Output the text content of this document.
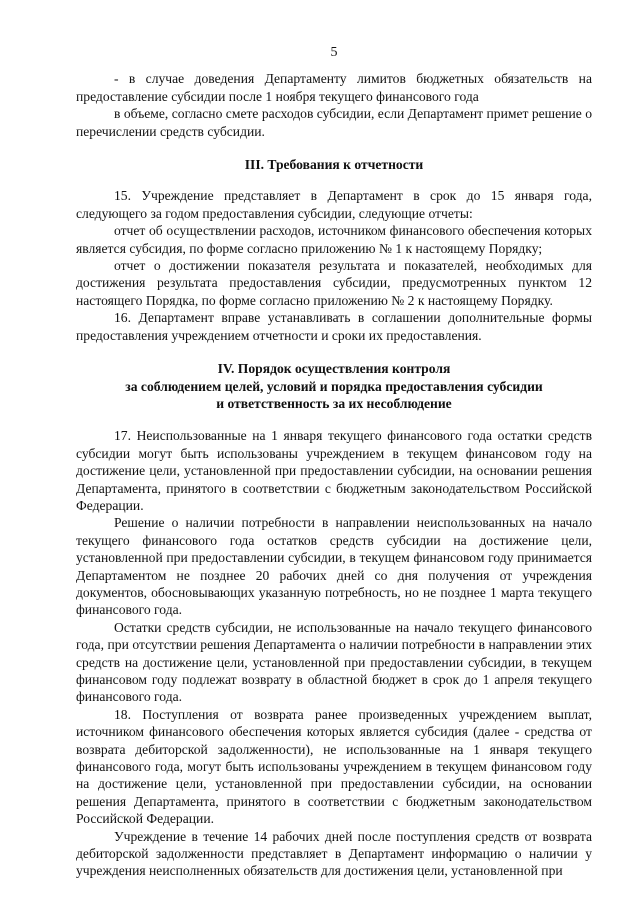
5

- в случае доведения Департаменту лимитов бюджетных обязательств на предоставление субсидии после 1 ноября текущего финансового года

в объеме, согласно смете расходов субсидии, если Департамент примет решение о перечислении средств субсидии.

III. Требования к отчетности

15. Учреждение представляет в Департамент в срок до 15 января года, следующего за годом предоставления субсидии, следующие отчеты:

отчет об осуществлении расходов, источником финансового обеспечения которых является субсидия, по форме согласно приложению № 1 к настоящему Порядку;

отчет о достижении показателя результата и показателей, необходимых для достижения результата предоставления субсидии, предусмотренных пунктом 12 настоящего Порядка, по форме согласно приложению № 2 к настоящему Порядку.

16. Департамент вправе устанавливать в соглашении дополнительные формы предоставления учреждением отчетности и сроки их предоставления.

IV. Порядок осуществления контроля
за соблюдением целей, условий и порядка предоставления субсидии
и ответственность за их несоблюдение

17. Неиспользованные на 1 января текущего финансового года остатки средств субсидии могут быть использованы учреждением в текущем финансовом году на достижение цели, установленной при предоставлении субсидии, на основании решения Департамента, принятого в соответствии с бюджетным законодательством Российской Федерации.

Решение о наличии потребности в направлении неиспользованных на начало текущего финансового года остатков средств субсидии на достижение цели, установленной при предоставлении субсидии, в текущем финансовом году принимается Департаментом не позднее 20 рабочих дней со дня получения от учреждения документов, обосновывающих указанную потребность, но не позднее 1 марта текущего финансового года.

Остатки средств субсидии, не использованные на начало текущего финансового года, при отсутствии решения Департамента о наличии потребности в направлении этих средств на достижение цели, установленной при предоставлении субсидии, в текущем финансовом году подлежат возврату в областной бюджет в срок до 1 апреля текущего финансового года.

18. Поступления от возврата ранее произведенных учреждением выплат, источником финансового обеспечения которых является субсидия (далее - средства от возврата дебиторской задолженности), не использованные на 1 января текущего финансового года, могут быть использованы учреждением в текущем финансовом году на достижение цели, установленной при предоставлении субсидии, на основании решения Департамента, принятого в соответствии с бюджетным законодательством Российской Федерации.

Учреждение в течение 14 рабочих дней после поступления средств от возврата дебиторской задолженности представляет в Департамент информацию о наличии у учреждения неисполненных обязательств для достижения цели, установленной при
